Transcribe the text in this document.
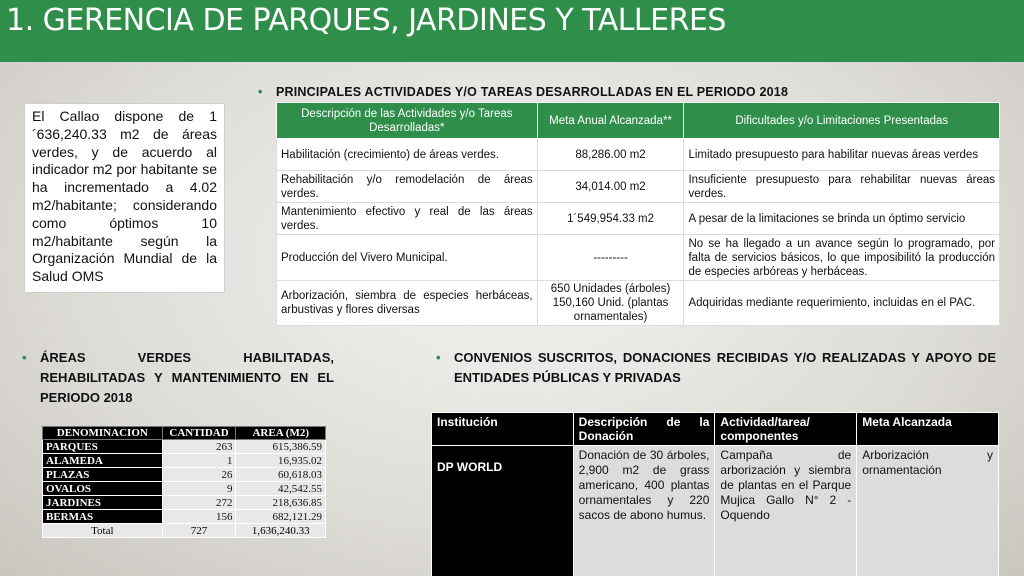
1. GERENCIA DE PARQUES, JARDINES Y TALLERES
El Callao dispone de 1´636,240.33 m2 de áreas verdes, y de acuerdo al indicador m2 por habitante se ha incrementado a 4.02 m2/habitante; considerando como óptimos 10 m2/habitante según la Organización Mundial de la Salud OMS
•	PRINCIPALES ACTIVIDADES Y/O TAREAS DESARROLLADAS EN EL PERIODO 2018
Descripción de las Actividades y/o Tareas Desarrolladas*	Meta Anual Alcanzada**	Dificultades y/o Limitaciones Presentadas
Habilitación (crecimiento) de áreas verdes.	88,286.00 m2	Limitado presupuesto para habilitar nuevas áreas verdes
Rehabilitación y/o remodelación de áreas verdes.	34,014.00 m2	Insuficiente presupuesto para rehabilitar nuevas áreas verdes.
Mantenimiento efectivo y real de las áreas verdes.	1´549,954.33 m2	A pesar de la limitaciones se brinda un óptimo servicio
Producción del Vivero Municipal.	---------	No se ha llegado a un avance según lo programado, por falta de servicios básicos, lo que imposibilitó la producción de especies arbóreas y herbáceas.
Arborización, siembra de especies herbáceas, arbustivas y flores diversas	650 Unidades (árboles) 150,160 Unid. (plantas ornamentales)	Adquiridas mediante requerimiento, incluidas en el PAC.
•	ÁREAS VERDES HABILITADAS, REHABILITADAS Y MANTENIMIENTO EN EL PERIODO 2018
DENOMINACION	CANTIDAD	AREA (M2)
PARQUES	263	615,386.59
ALAMEDA	1	16,935.02
PLAZAS	26	60,618.03
OVALOS	9	42,542.55
JARDINES	272	218,636.85
BERMAS	156	682,121.29
Total	727	1,636,240.33
•	CONVENIOS SUSCRITOS, DONACIONES RECIBIDAS Y/O REALIZADAS Y APOYO DE ENTIDADES PÚBLICAS Y PRIVADAS
Institución	Descripción de la Donación	Actividad/tarea/ componentes	Meta Alcanzada
DP WORLD	Donación de 30 árboles, 2,900 m2 de grass americano, 400 plantas ornamentales y 220 sacos de abono humus.	Campaña de arborización y siembra de plantas en el Parque Mujica Gallo N° 2 - Oquendo	Arborización y ornamentación
